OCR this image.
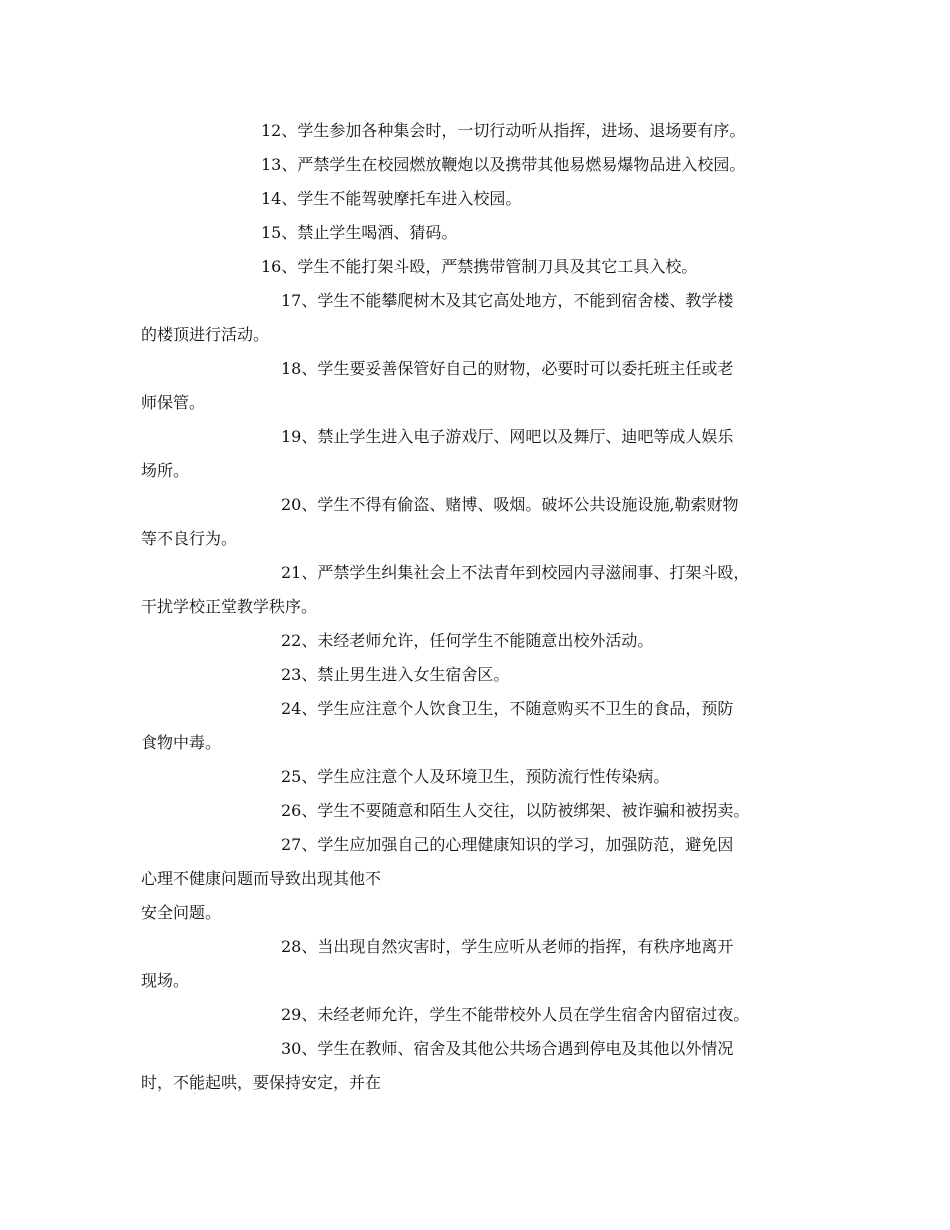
12、学生参加各种集会时，一切行动听从指挥，进场、退场要有序。
13、严禁学生在校园燃放鞭炮以及携带其他易燃易爆物品进入校园。
14、学生不能驾驶摩托车进入校园。
15、禁止学生喝酒、猜码。
16、学生不能打架斗殴，严禁携带管制刀具及其它工具入校。
17、学生不能攀爬树木及其它高处地方，不能到宿舍楼、教学楼
的楼顶进行活动。
18、学生要妥善保管好自己的财物，必要时可以委托班主任或老
师保管。
19、禁止学生进入电子游戏厅、网吧以及舞厅、迪吧等成人娱乐
场所。
20、学生不得有偷盗、赌博、吸烟。破坏公共设施设施,勒索财物
等不良行为。
21、严禁学生纠集社会上不法青年到校园内寻滋闹事、打架斗殴，
干扰学校正堂教学秩序。
22、未经老师允许，任何学生不能随意出校外活动。
23、禁止男生进入女生宿舍区。
24、学生应注意个人饮食卫生，不随意购买不卫生的食品，预防
食物中毒。
25、学生应注意个人及环境卫生，预防流行性传染病。
26、学生不要随意和陌生人交往，以防被绑架、被诈骗和被拐卖。
27、学生应加强自己的心理健康知识的学习，加强防范，避免因
心理不健康问题而导致出现其他不
安全问题。
28、当出现自然灾害时，学生应听从老师的指挥，有秩序地离开
现场。
29、未经老师允许，学生不能带校外人员在学生宿舍内留宿过夜。
30、学生在教师、宿舍及其他公共场合遇到停电及其他以外情况
时，不能起哄，要保持安定，并在
